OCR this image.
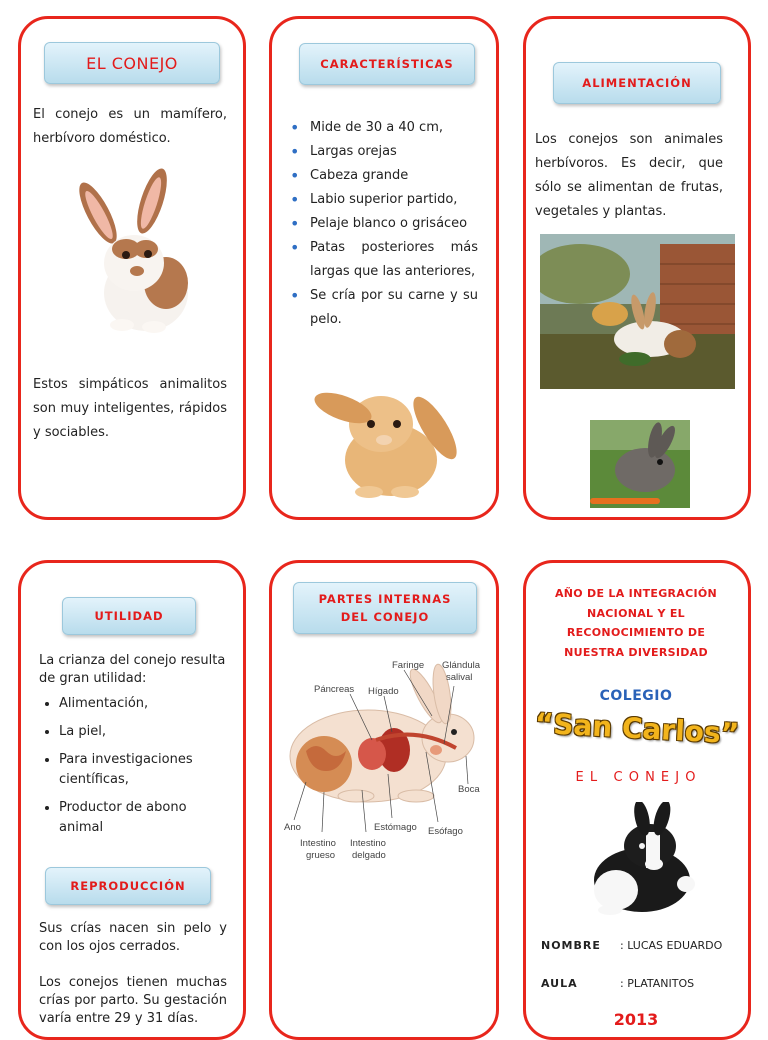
EL CONEJO
El conejo es un mamífero, herbívoro doméstico.
Estos simpáticos animalitos son muy inteligentes, rápidos y sociables.
CARACTERÍSTICAS
• Mide de 30 a 40 cm,
• Largas orejas
• Cabeza grande
• Labio superior partido,
• Pelaje blanco o grisáceo
• Patas posteriores más largas que las anteriores,
• Se cría por su carne y su pelo.
ALIMENTACIÓN
Los conejos son animales herbívoros. Es decir, que sólo se alimentan de frutas, vegetales y plantas.
UTILIDAD
La crianza del conejo resulta de gran utilidad:
• Alimentación,
• La piel,
• Para investigaciones científicas,
• Productor de abono animal
REPRODUCCIÓN
Sus crías nacen sin pelo y con los ojos cerrados.
Los conejos tienen muchas crías por parto. Su gestación varía entre 29 y 31 días.
PARTES INTERNAS
DEL CONEJO
Faringe Glándula
salival
Páncreas Hígado
Boca
Ano	Estómago Esófago
Intestino
grueso
Intestino
delgado
AÑO DE LA INTEGRACIÓN NACIONAL Y EL RECONOCIMIENTO DE NUESTRA DIVERSIDAD
COLEGIO
“San Carlos”
E L   C O N E J O
NOMBRE : LUCAS EDUARDO
AULA	: PLATANITOS
2013
